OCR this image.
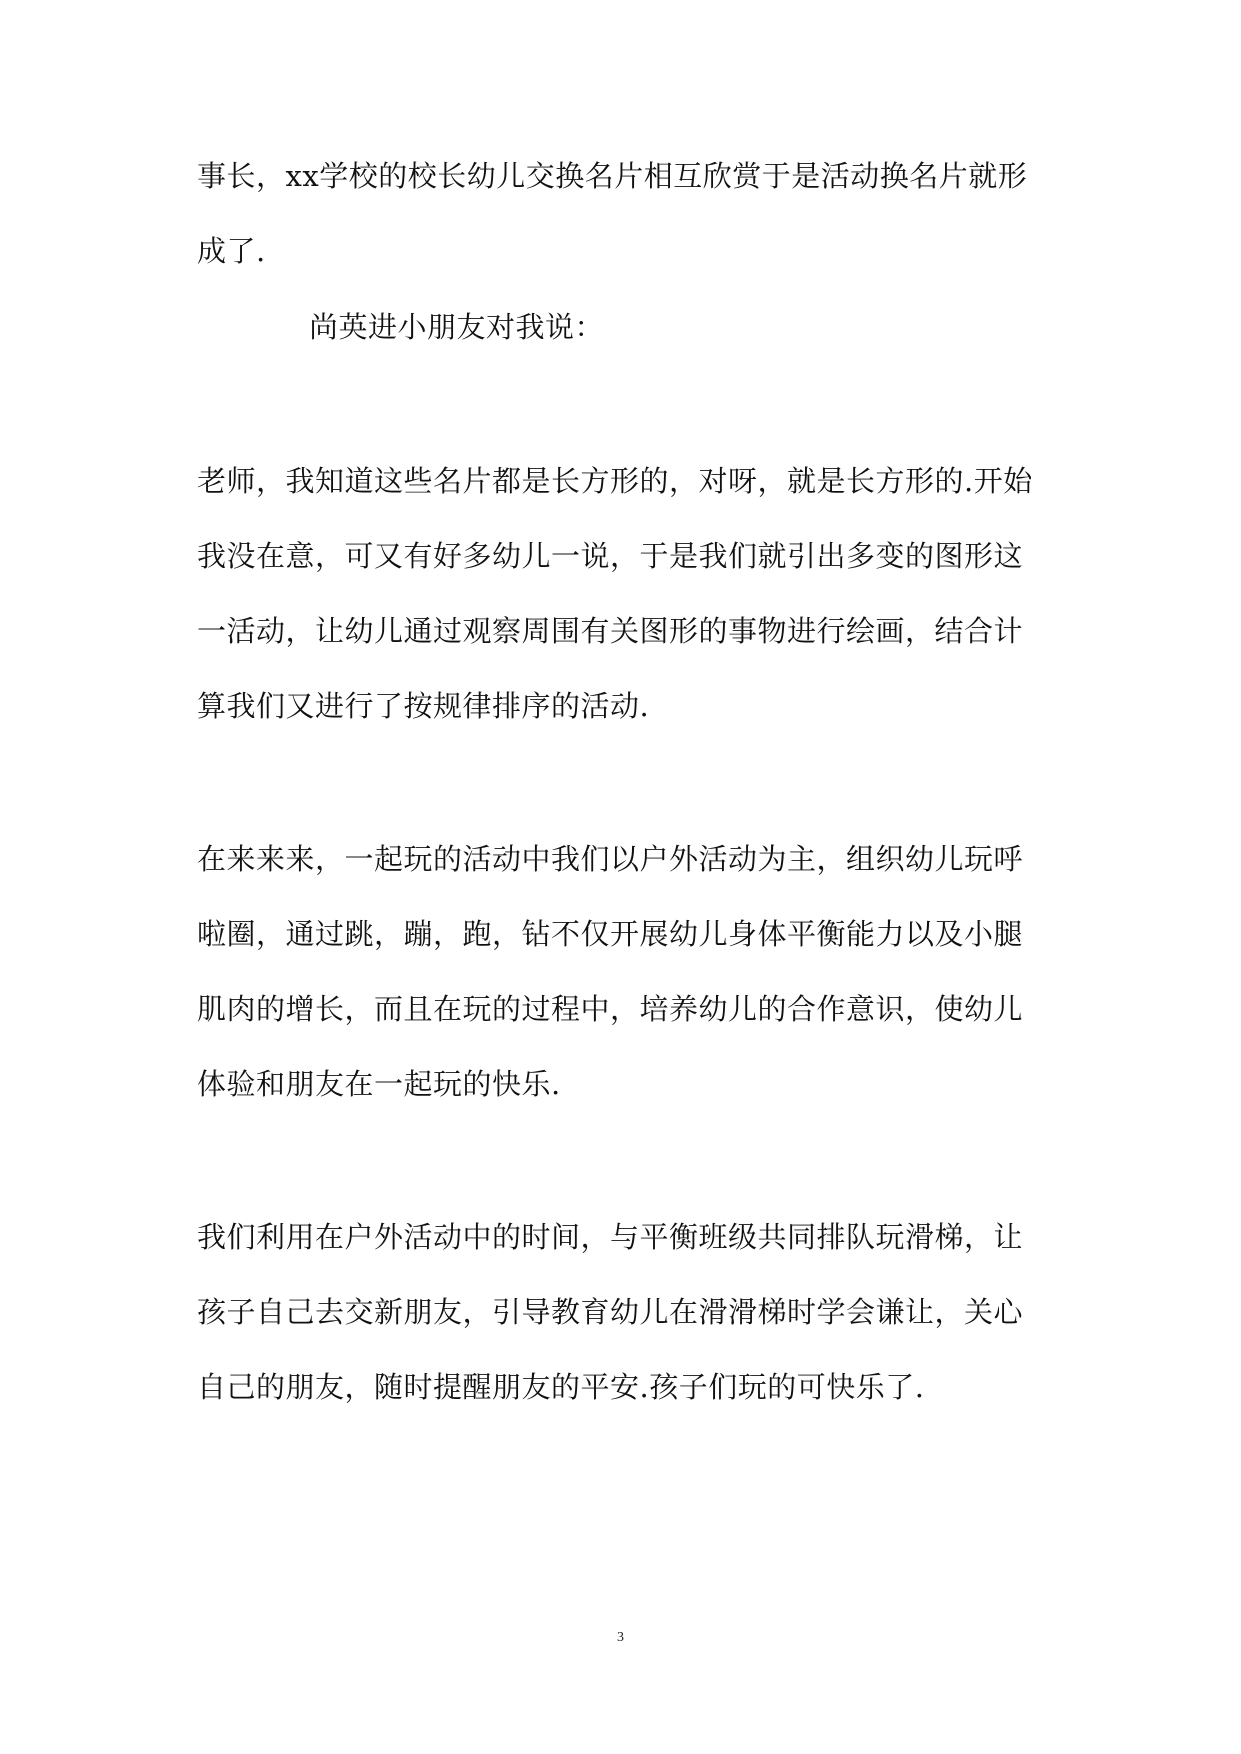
事长，xx学校的校长幼儿交换名片相互欣赏于是活动换名片就形成了.

尚英进小朋友对我说：

老师，我知道这些名片都是长方形的，对呀，就是长方形的.开始我没在意，可又有好多幼儿一说，于是我们就引出多变的图形这一活动，让幼儿通过观察周围有关图形的事物进行绘画，结合计算我们又进行了按规律排序的活动.

在来来来，一起玩的活动中我们以户外活动为主，组织幼儿玩呼啦圈，通过跳，蹦，跑，钻不仅开展幼儿身体平衡能力以及小腿肌肉的增长，而且在玩的过程中，培养幼儿的合作意识，使幼儿体验和朋友在一起玩的快乐.

我们利用在户外活动中的时间，与平衡班级共同排队玩滑梯，让孩子自己去交新朋友，引导教育幼儿在滑滑梯时学会谦让，关心自己的朋友，随时提醒朋友的平安.孩子们玩的可快乐了.

3
